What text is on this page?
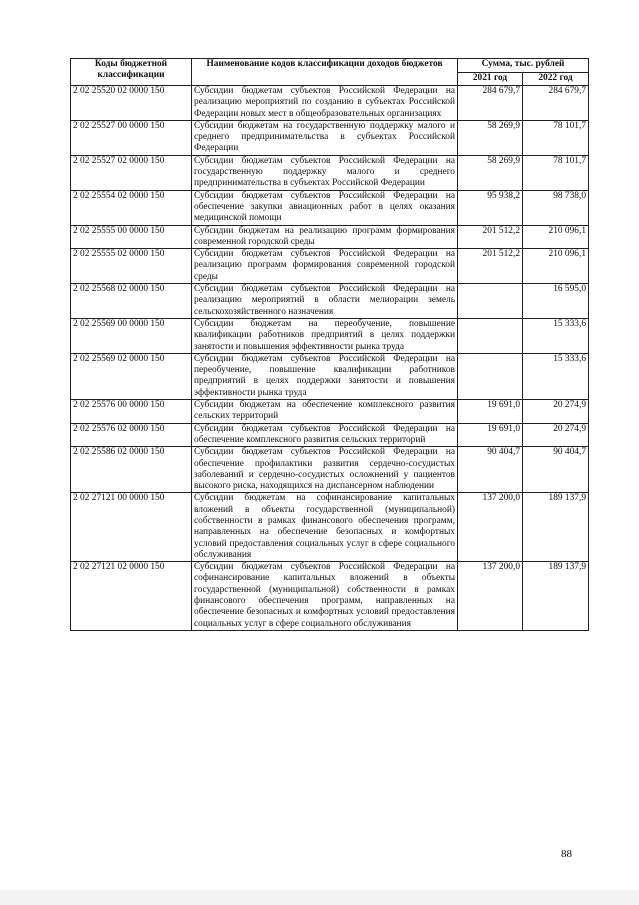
Коды бюджетной классификации	Наименование кодов классификации доходов бюджетов	Сумма, тыс. рублей	
		2021 год	2022 год
2 02 25520 02 0000 150	Субсидии бюджетам субъектов Российской Федерации на реализацию мероприятий по созданию в субъектах Российской Федерации новых мест в общеобразовательных организациях	284 679,7	284 679,7
2 02 25527 00 0000 150	Субсидии бюджетам на государственную поддержку малого и среднего предпринимательства в субъектах Российской Федерации	58 269,9	78 101,7
2 02 25527 02 0000 150	Субсидии бюджетам субъектов Российской Федерации на государственную поддержку малого и среднего предпринимательства в субъектах Российской Федерации	58 269,9	78 101,7
2 02 25554 02 0000 150	Субсидии бюджетам субъектов Российской Федерации на обеспечение закупки авиационных работ в целях оказания медицинской помощи	95 938,2	98 738,0
2 02 25555 00 0000 150	Субсидии бюджетам на реализацию программ формирования современной городской среды	201 512,2	210 096,1
2 02 25555 02 0000 150	Субсидии бюджетам субъектов Российской Федерации на реализацию программ формирования современной городской среды	201 512,2	210 096,1
2 02 25568 02 0000 150	Субсидии бюджетам субъектов Российской Федерации на реализацию мероприятий в области мелиорации земель сельскохозяйственного назначения		16 595,0
2 02 25569 00 0000 150	Субсидии бюджетам на переобучение, повышение квалификации работников предприятий в целях поддержки занятости и повышения эффективности рынка труда		15 333,6
2 02 25569 02 0000 150	Субсидии бюджетам субъектов Российской Федерации на переобучение, повышение квалификации работников предприятий в целях поддержки занятости и повышения эффективности рынка труда		15 333,6
2 02 25576 00 0000 150	Субсидии бюджетам на обеспечение комплексного развития сельских территорий	19 691,0	20 274,9
2 02 25576 02 0000 150	Субсидии бюджетам субъектов Российской Федерации на обеспечение комплексного развития сельских территорий	19 691,0	20 274,9
2 02 25586 02 0000 150	Субсидии бюджетам субъектов Российской Федерации на обеспечение профилактики развития сердечно-сосудистых заболеваний и сердечно-сосудистых осложнений у пациентов высокого риска, находящихся на диспансерном наблюдении	90 404,7	90 404,7
2 02 27121 00 0000 150	Субсидии бюджетам на софинансирование капитальных вложений в объекты государственной (муниципальной) собственности в рамках финансового обеспечения программ, направленных на обеспечение безопасных и комфортных условий предоставления социальных услуг в сфере социального обслуживания	137 200,0	189 137,9
2 02 27121 02 0000 150	Субсидии бюджетам субъектов Российской Федерации на софинансирование капитальных вложений в объекты государственной (муниципальной) собственности в рамках финансового обеспечения программ, направленных на обеспечение безопасных и комфортных условий предоставления социальных услуг в сфере социального обслуживания	137 200,0	189 137,9
88
